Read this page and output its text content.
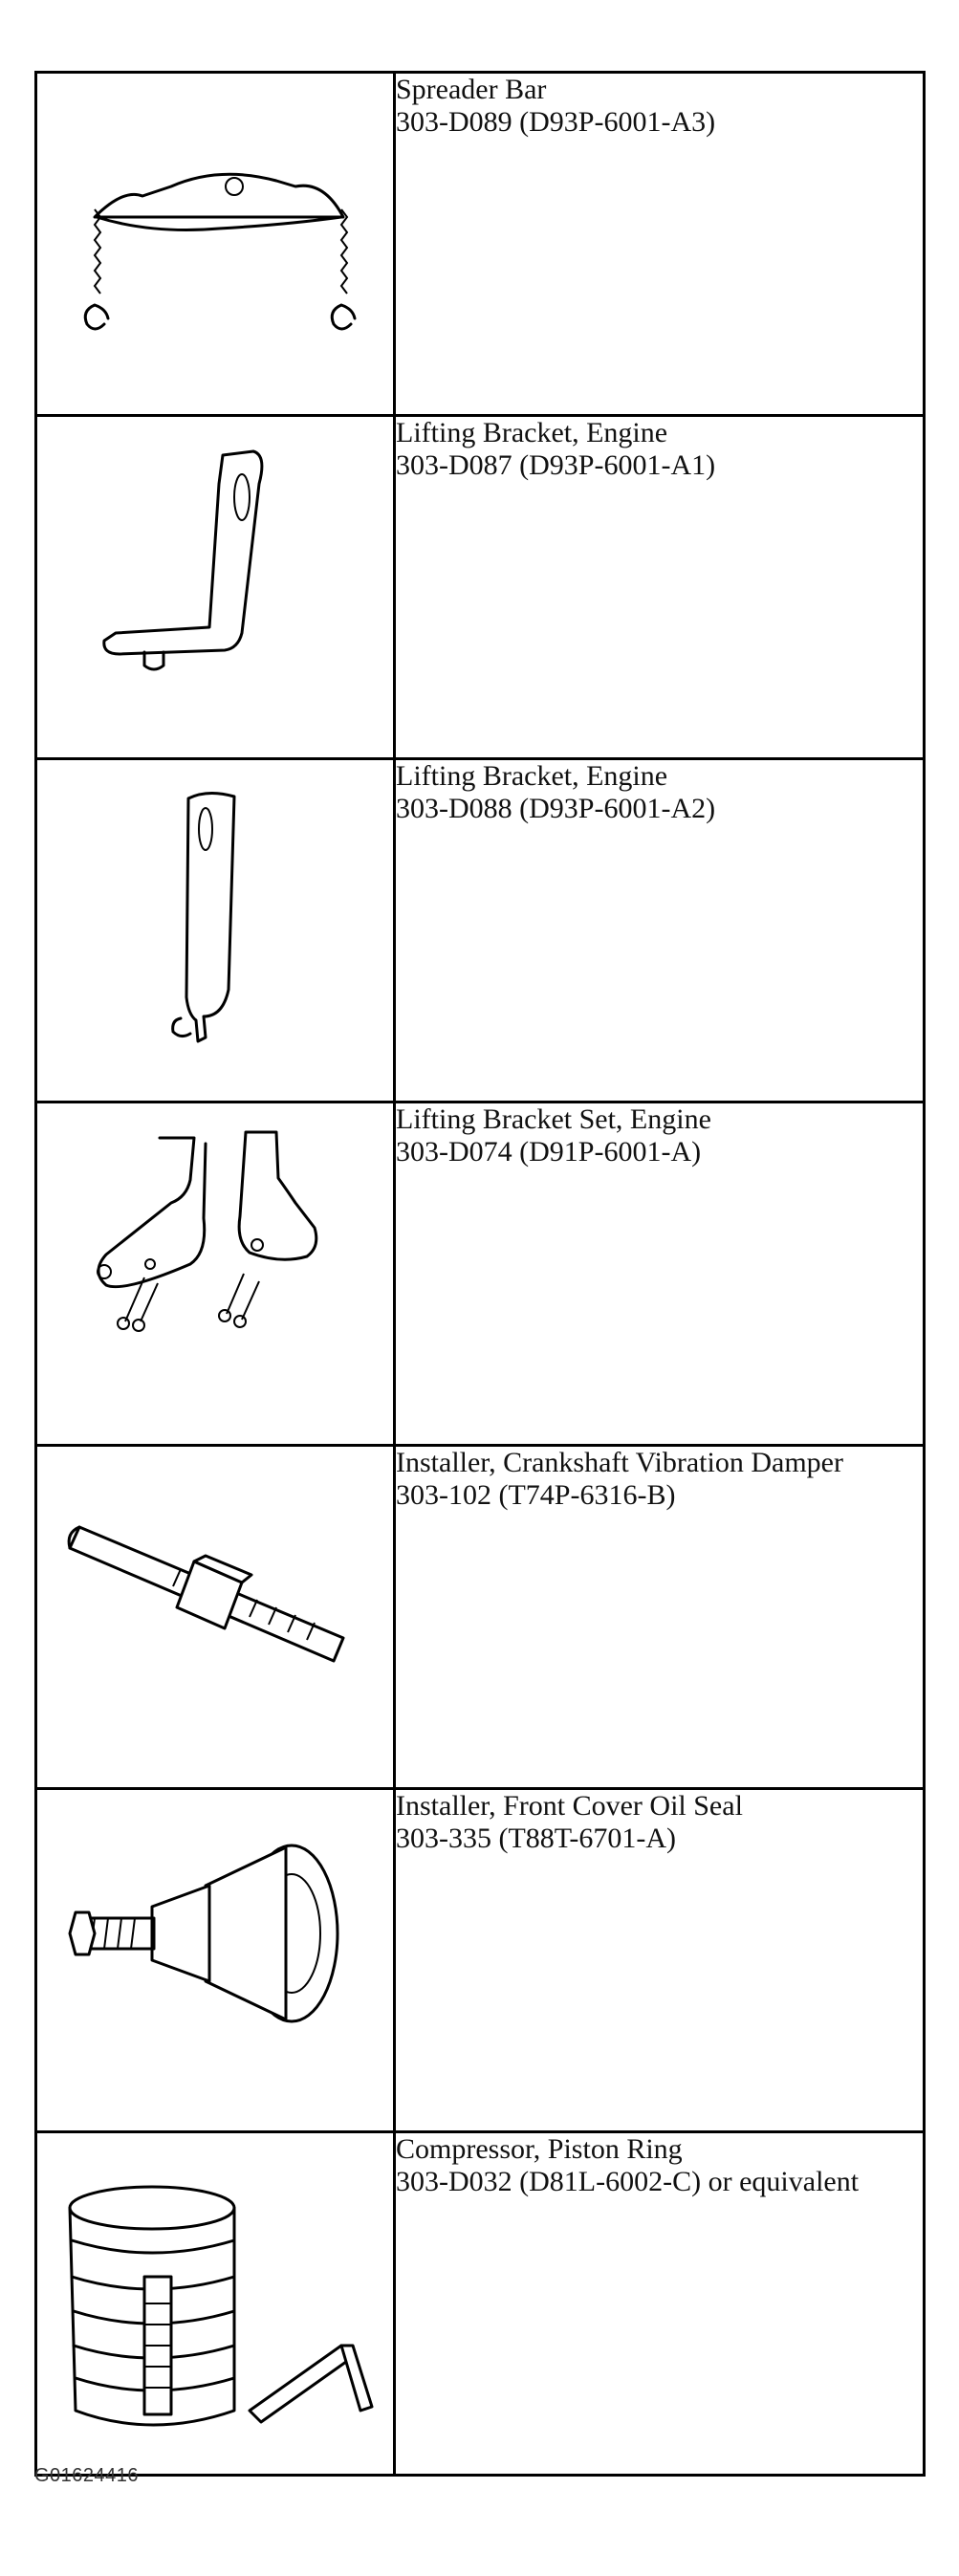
Spreader Bar
303-D089 (D93P-6001-A3)

Lifting Bracket, Engine
303-D087 (D93P-6001-A1)

Lifting Bracket, Engine
303-D088 (D93P-6001-A2)

Lifting Bracket Set, Engine
303-D074 (D91P-6001-A)

Installer, Crankshaft Vibration Damper
303-102 (T74P-6316-B)

Installer, Front Cover Oil Seal
303-335 (T88T-6701-A)

Compressor, Piston Ring
303-D032 (D81L-6002-C) or equivalent
G01624416
